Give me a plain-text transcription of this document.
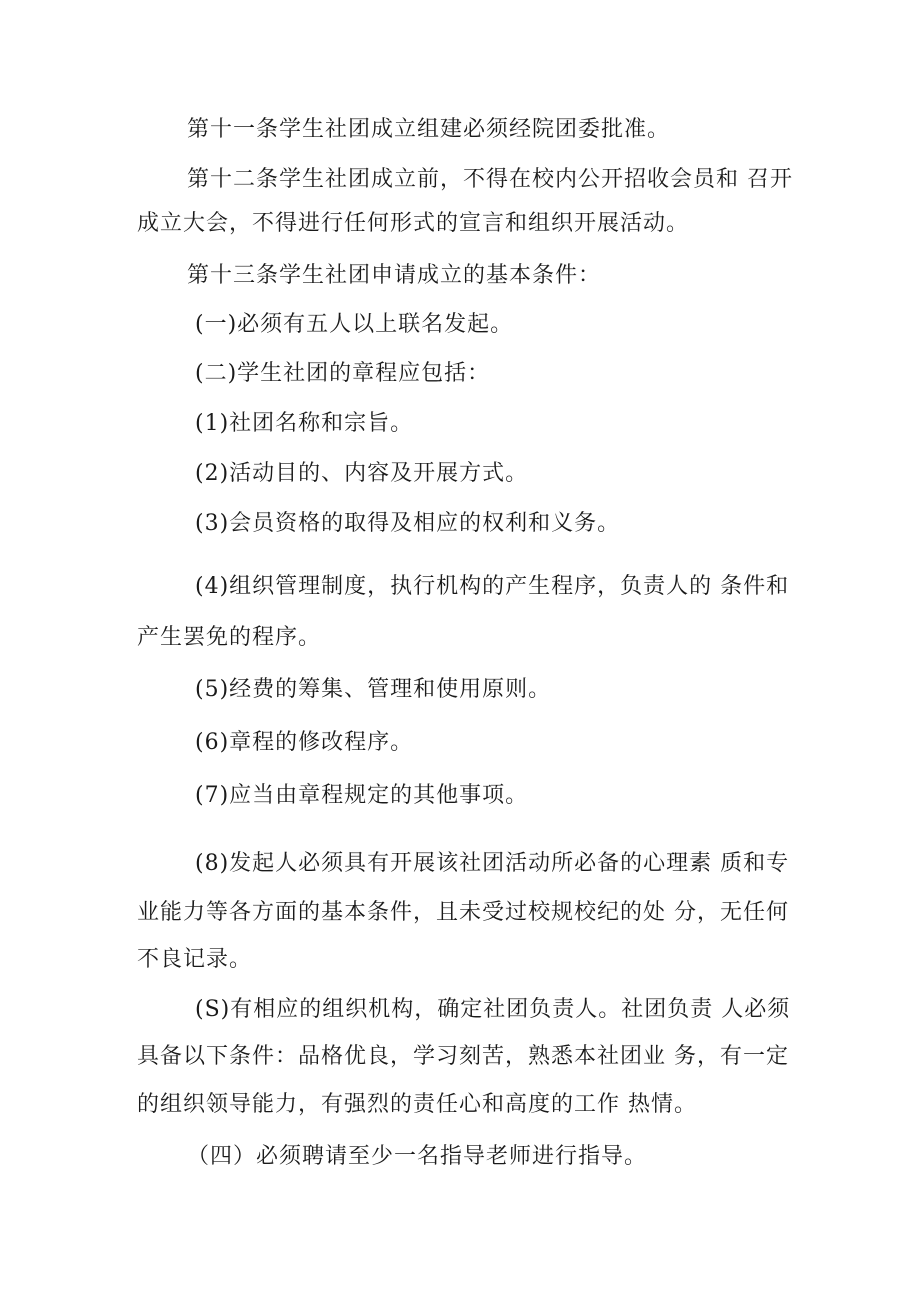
第十一条学生社团成立组建必须经院团委批准。
第十二条学生社团成立前，不得在校内公开招收会员和 召开
成立大会，不得进行任何形式的宣言和组织开展活动。
第十三条学生社团申请成立的基本条件：
(一)必须有五人以上联名发起。
(二)学生社团的章程应包括：
(1)社团名称和宗旨。
(2)活动目的、内容及开展方式。
(3)会员资格的取得及相应的权利和义务。
(4)组织管理制度，执行机构的产生程序，负责人的 条件和
产生罢免的程序。
(5)经费的筹集、管理和使用原则。
(6)章程的修改程序。
(7)应当由章程规定的其他事项。
(8)发起人必须具有开展该社团活动所必备的心理素 质和专
业能力等各方面的基本条件，且未受过校规校纪的处 分，无任何
不良记录。
(S)有相应的组织机构，确定社团负责人。社团负责 人必须
具备以下条件：品格优良，学习刻苦，熟悉本社团业 务，有一定
的组织领导能力，有强烈的责任心和高度的工作 热情。
（四）必须聘请至少一名指导老师进行指导。
